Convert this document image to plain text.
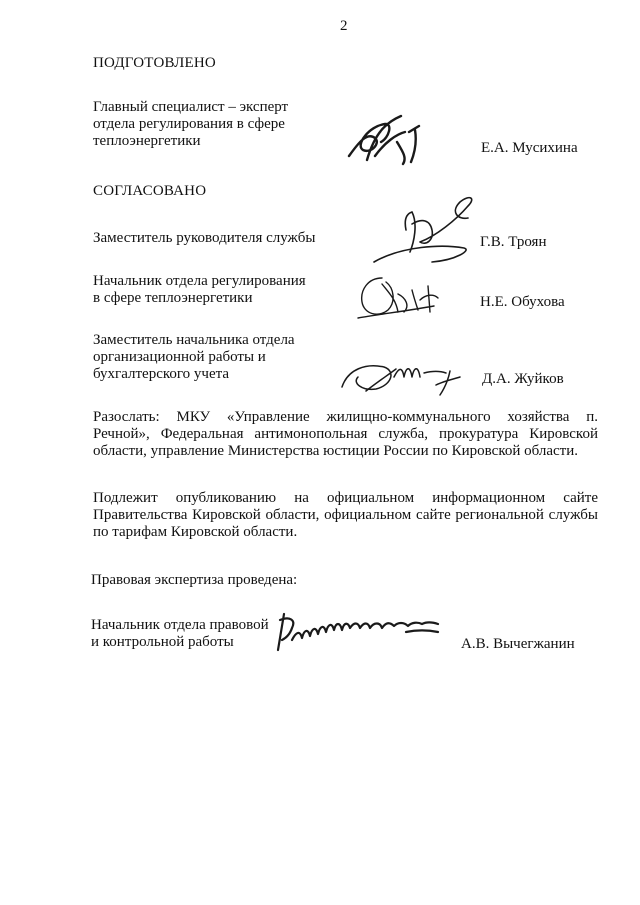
2
ПОДГОТОВЛЕНО
Главный специалист – эксперт
отдела регулирования в сфере
теплоэнергетики	Е.А. Мусихина
СОГЛАСОВАНО
Заместитель руководителя службы	Г.В. Троян
Начальник отдела регулирования
в сфере теплоэнергетики	Н.Е. Обухова
Заместитель начальника отдела
организационной работы и
бухгалтерского учета	Д.А. Жуйков
Разослать: МКУ «Управление жилищно-коммунального хозяйства п.
Речной», Федеральная антимонопольная служба, прокуратура Кировской
области, управление Министерства юстиции России по Кировской области.
Подлежит опубликованию на официальном информационном сайте
Правительства Кировской области, официальном сайте региональной службы
по тарифам Кировской области.
Правовая экспертиза проведена:
Начальник отдела правовой
и контрольной работы	А.В. Вычегжанин
